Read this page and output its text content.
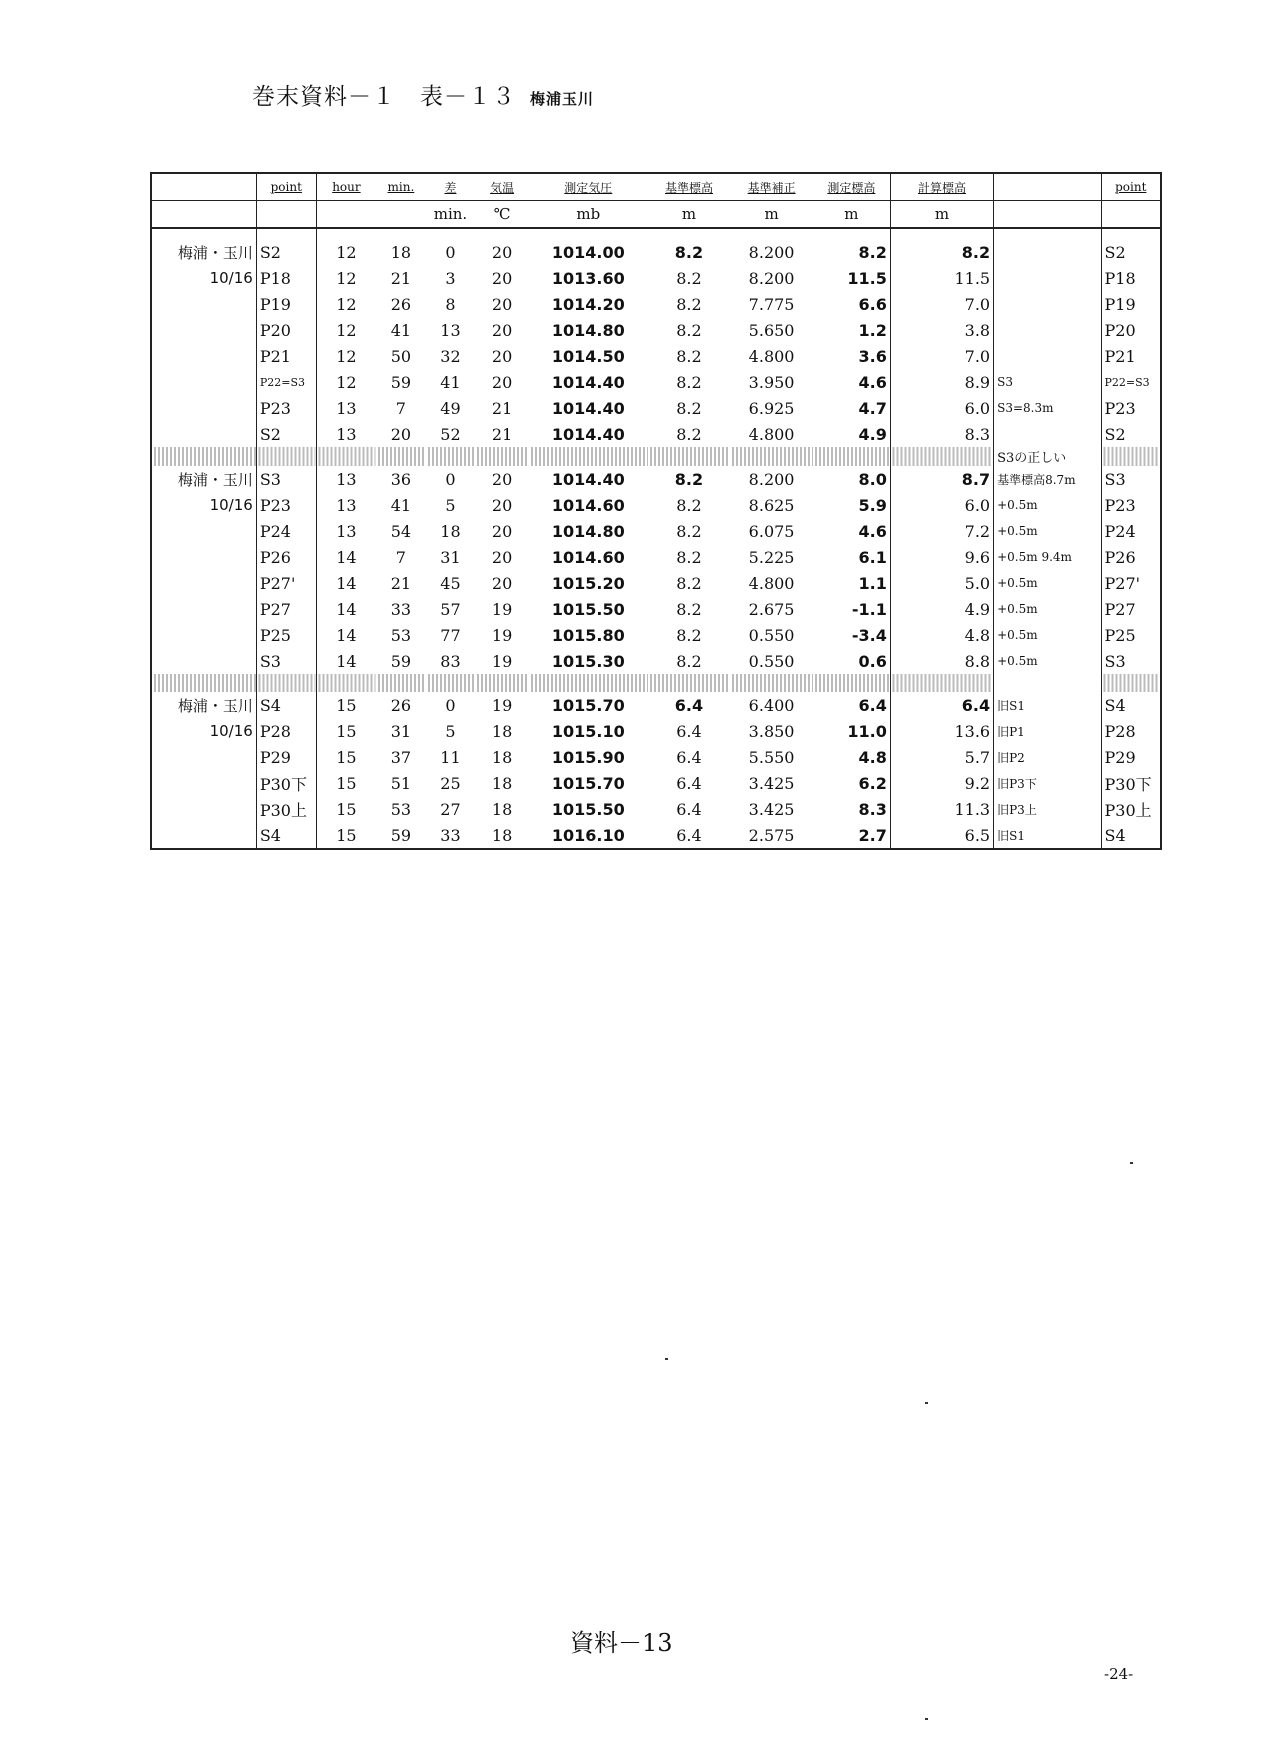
巻末資料－１　表－１３ 梅浦玉川
	point	hour	min.	差	気温	測定気圧	基準標高	基準補正	測定標高	計算標高		point
				min.	℃	mb	m	m	m	m		

梅浦・玉川	S2	12	18	0	20	1014.00	8.2	8.200	8.2	8.2		S2
10/16	P18	12	21	3	20	1013.60	8.2	8.200	11.5	11.5		P18
	P19	12	26	8	20	1014.20	8.2	7.775	6.6	7.0		P19
	P20	12	41	13	20	1014.80	8.2	5.650	1.2	3.8		P20
	P21	12	50	32	20	1014.50	8.2	4.800	3.6	7.0		P21
	P22=S3	12	59	41	20	1014.40	8.2	3.950	4.6	8.9	S3	P22=S3
	P23	13	7	49	21	1014.40	8.2	6.925	4.7	6.0	S3=8.3m	P23
	S2	13	20	52	21	1014.40	8.2	4.800	4.9	8.3		S2
											S3の正しい	
梅浦・玉川	S3	13	36	0	20	1014.40	8.2	8.200	8.0	8.7	基準標高8.7m	S3
10/16	P23	13	41	5	20	1014.60	8.2	8.625	5.9	6.0	+0.5m	P23
	P24	13	54	18	20	1014.80	8.2	6.075	4.6	7.2	+0.5m	P24
	P26	14	7	31	20	1014.60	8.2	5.225	6.1	9.6	+0.5m 9.4m	P26
	P27'	14	21	45	20	1015.20	8.2	4.800	1.1	5.0	+0.5m	P27'
	P27	14	33	57	19	1015.50	8.2	2.675	-1.1	4.9	+0.5m	P27
	P25	14	53	77	19	1015.80	8.2	0.550	-3.4	4.8	+0.5m	P25
	S3	14	59	83	19	1015.30	8.2	0.550	0.6	8.8	+0.5m	S3

梅浦・玉川	S4	15	26	0	19	1015.70	6.4	6.400	6.4	6.4	旧S1	S4
10/16	P28	15	31	5	18	1015.10	6.4	3.850	11.0	13.6	旧P1	P28
	P29	15	37	11	18	1015.90	6.4	5.550	4.8	5.7	旧P2	P29
	P30下	15	51	25	18	1015.70	6.4	3.425	6.2	9.2	旧P3下	P30下
	P30上	15	53	27	18	1015.50	6.4	3.425	8.3	11.3	旧P3上	P30上
	S4	15	59	33	18	1016.10	6.4	2.575	2.7	6.5	旧S1	S4
資料－13
-24-
